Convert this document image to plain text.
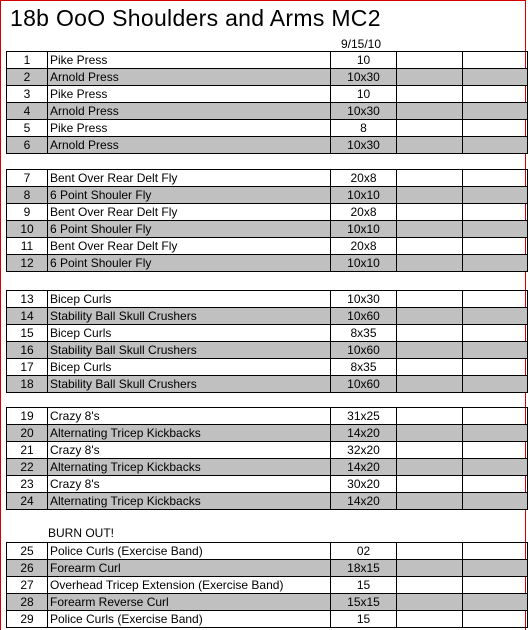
18b OoO Shoulders and Arms MC2
9/15/10
1	Pike Press	10		
2	Arnold Press	10x30		
3	Pike Press	10		
4	Arnold Press	10x30		
5	Pike Press	8		
6	Arnold Press	10x30		
7	Bent Over Rear Delt Fly	20x8		
8	6 Point Shouler Fly	10x10		
9	Bent Over Rear Delt Fly	20x8		
10	6 Point Shouler Fly	10x10		
11	Bent Over Rear Delt Fly	20x8		
12	6 Point Shouler Fly	10x10		
13	Bicep Curls	10x30		
14	Stability Ball Skull Crushers	10x60		
15	Bicep Curls	8x35		
16	Stability Ball Skull Crushers	10x60		
17	Bicep Curls	8x35		
18	Stability Ball Skull Crushers	10x60		
19	Crazy 8's	31x25		
20	Alternating Tricep Kickbacks	14x20		
21	Crazy 8's	32x20		
22	Alternating Tricep Kickbacks	14x20		
23	Crazy 8's	30x20		
24	Alternating Tricep Kickbacks	14x20		
BURN OUT!
25	Police Curls (Exercise Band)	02		
26	Forearm Curl	18x15		
27	Overhead Tricep Extension (Exercise Band)	15		
28	Forearm Reverse Curl	15x15		
29	Police Curls (Exercise Band)	15		
